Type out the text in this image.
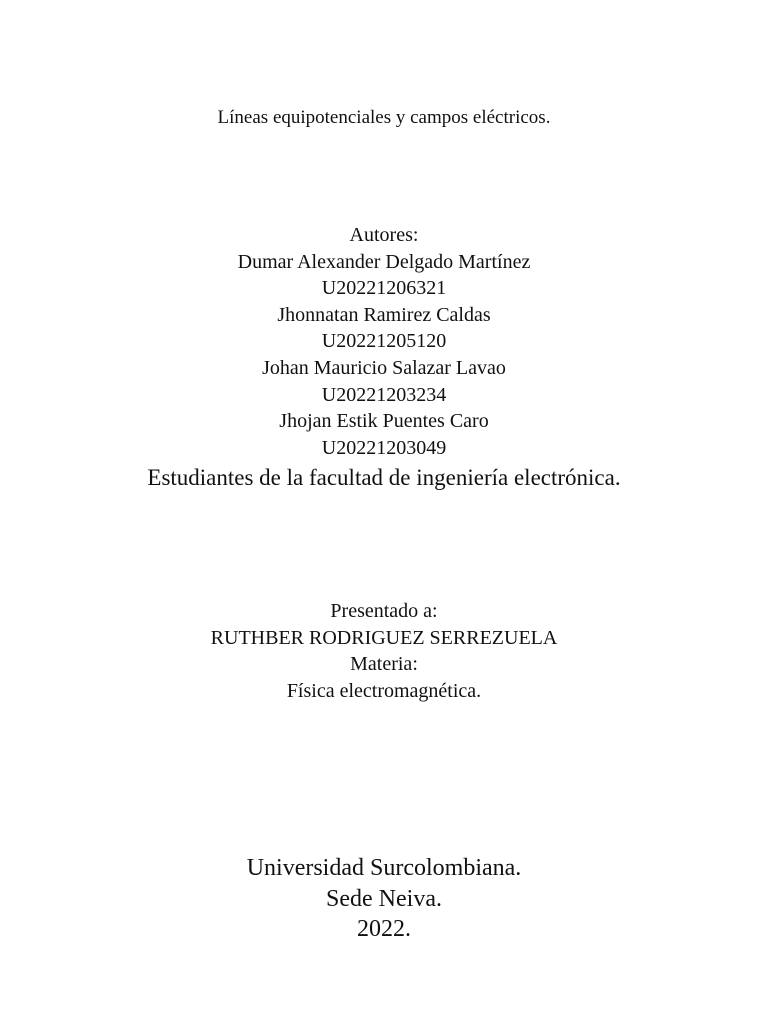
Líneas equipotenciales y campos eléctricos.

Autores:
Dumar Alexander Delgado Martínez
U20221206321
Jhonnatan Ramirez Caldas
U20221205120
Johan Mauricio Salazar Lavao
U20221203234
Jhojan Estik Puentes Caro
U20221203049

Estudiantes de la facultad de ingeniería electrónica.

Presentado a:
RUTHBER RODRIGUEZ SERREZUELA
Materia:
Física electromagnética.
Universidad Surcolombiana.
Sede Neiva.
2022.
